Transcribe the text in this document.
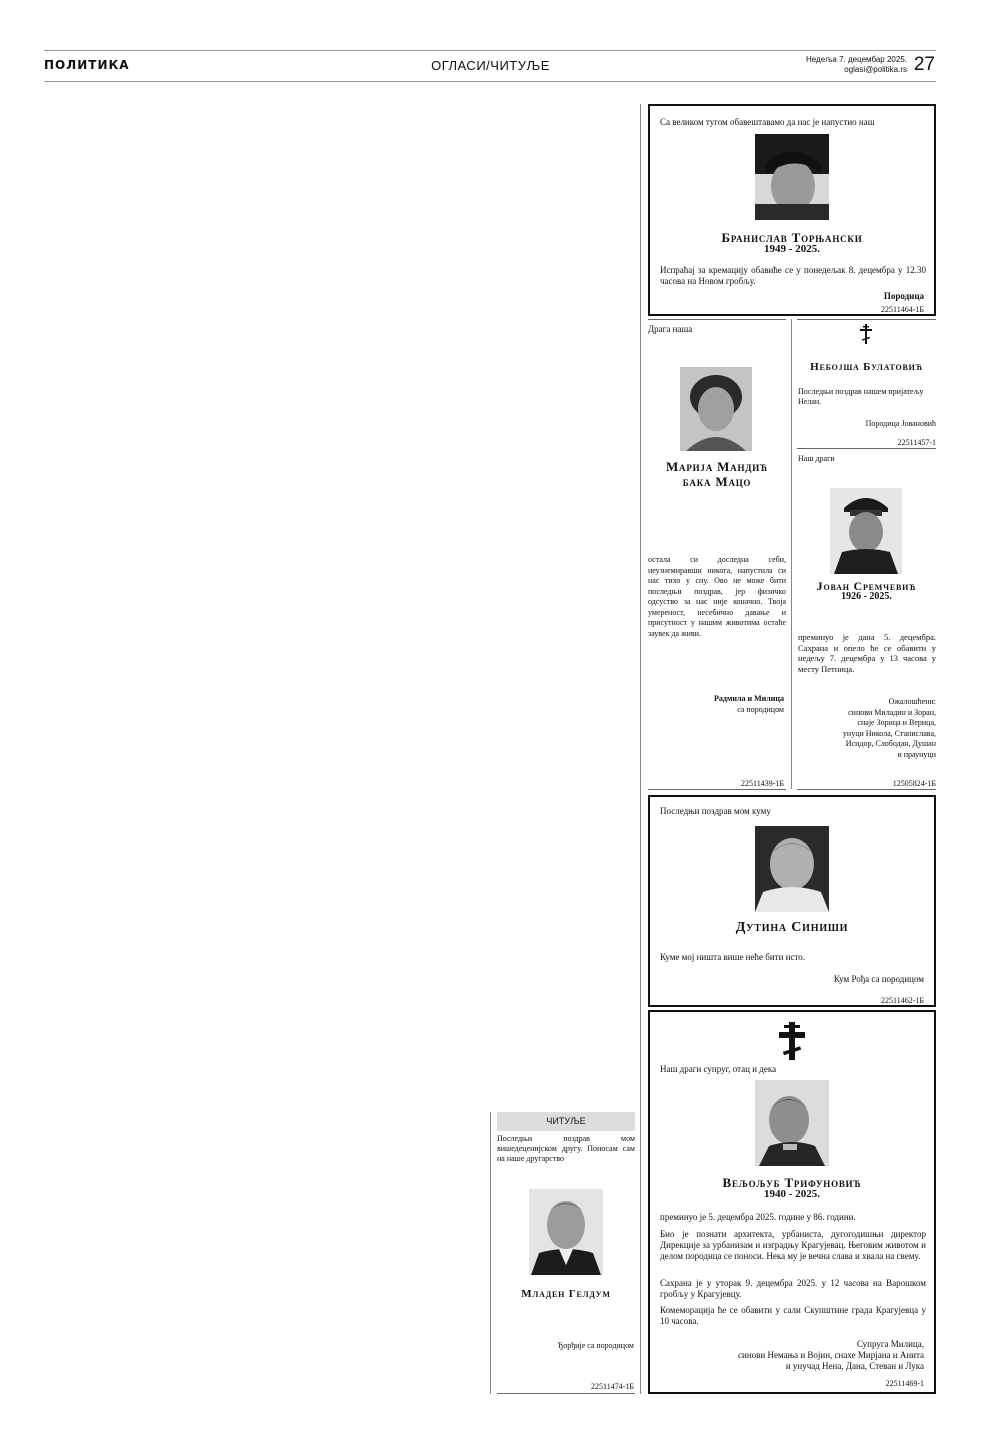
ПОЛИТИКА	ОГЛАСИ/ЧИТУЉЕ	Недеља 7. децембар 2025.
oglasi@politika.rs 27
Са великом тугом обавештавамо да нас је напустио наш
Бранислав Торњански
1949 - 2025.
Испраћај за кремацију обавиће се у понедељак 8. децембра у 12.30 часова на Новом гробљу.
Породица
22511464-1Б
Драга наша
Марија Мандић
бака Мацо
остала си доследна себи, неузнемиравши никога, напустила си нас тихо у сну. Ово не може бити последњи поздрав, јер физичко одсуство за нас није коначно. Твоја умереност, несебично давање и присутност у нашим животима остаће заувек да живи.
Радмила и Милица
са породицом
22511439-1Б
Небојша Булатовић
Последњи поздрав нашем пријатељу Нелан.
Породица Јовановић
22511457-1
Наш драги
Јован Сремчевић
1926 - 2025.
преминуо је дана 5. децембра. Сахрана и опело ће се обавити у недељу 7. децембра у 13 часова у месту Петница.
Ожалошћени:
синови Миладин и Зоран,
снаје Зорица и Верица,
унуци Никола, Станислава,
Исидор, Слободан, Душан
и праунуци
12505824-1Б
Последњи поздрав мом куму
Дутина Синиши
Куме мој ништа више неће бити исто.
Кум Рођа са породицом
22511462-1Б
Наш драги супруг, отац и дека
Вељољуб Трифуновић
1940 - 2025.
преминуо је 5. децембра 2025. године у 86. години.
Био је познати архитекта, урбаниста, дугогодишњи директор Дирекције за урбанизам и изградњу Крагујевац. Његовим животом и делом породица се поноси. Нека му је вечна слава и хвала на свему.
Сахрана је у уторак 9. децембра 2025. у 12 часова на Варошком гробљу у Крагујевцу.
Комеморација ће се обавити у сали Скупштине града Крагујевца у 10 часова.
Супруга Милица,
синови Немања и Војин, снахе Мирјана и Анита
и унучад Нена, Дана, Стеван и Лука
22511469-1
ЧИТУЉЕ
Последњи поздрав мом вишедеценијском другу. Поносам сам на наше другарство
Младен Гелдум
Ђорђије са породицом
22511474-1Б
